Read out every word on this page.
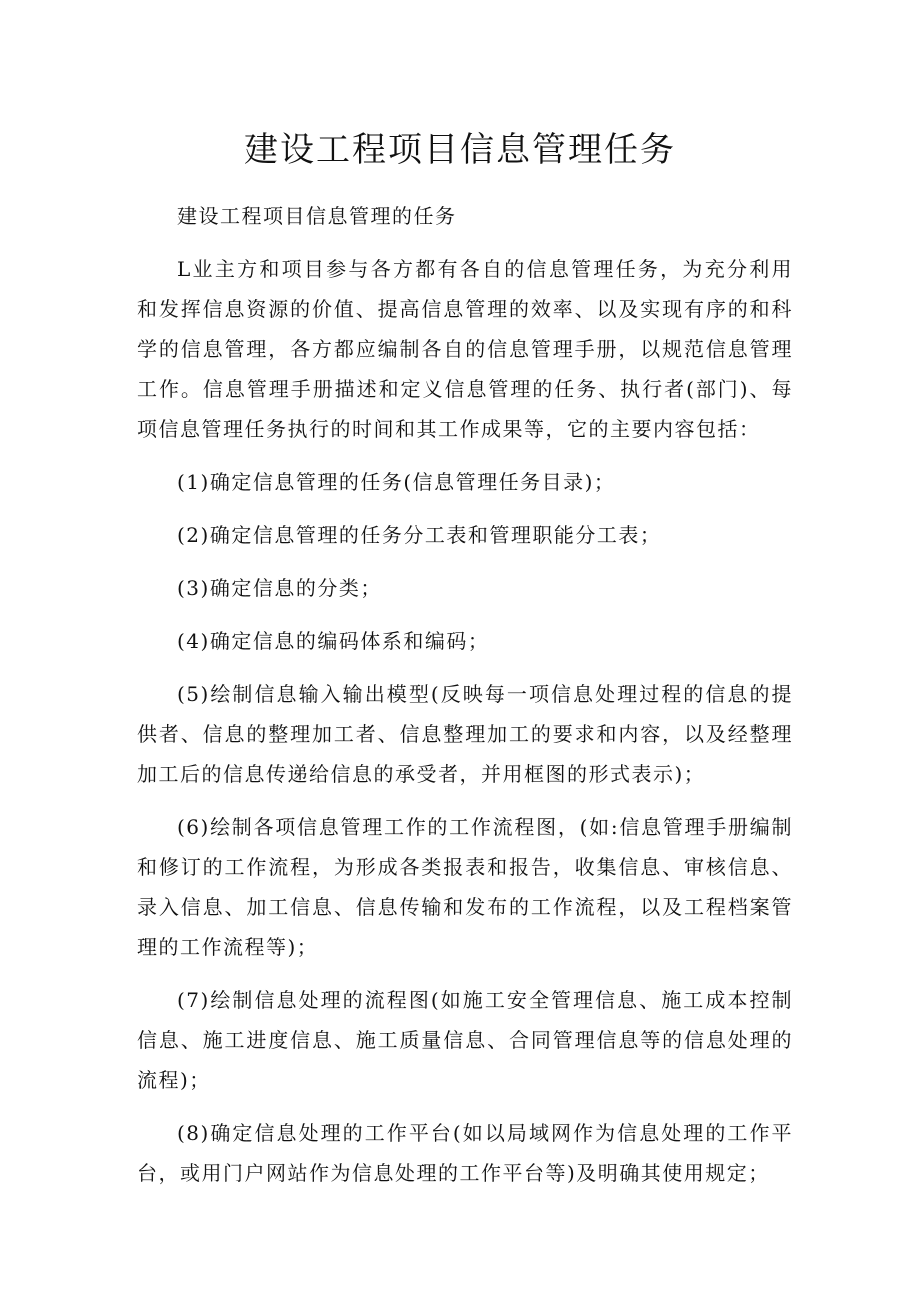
建设工程项目信息管理任务

建设工程项目信息管理的任务

L业主方和项目参与各方都有各自的信息管理任务，为充分利用和发挥信息资源的价值、提高信息管理的效率、以及实现有序的和科学的信息管理，各方都应编制各自的信息管理手册，以规范信息管理工作。信息管理手册描述和定义信息管理的任务、执行者(部门)、每项信息管理任务执行的时间和其工作成果等，它的主要内容包括：

(1)确定信息管理的任务(信息管理任务目录)；

(2)确定信息管理的任务分工表和管理职能分工表；

(3)确定信息的分类；

(4)确定信息的编码体系和编码；

(5)绘制信息输入输出模型(反映每一项信息处理过程的信息的提供者、信息的整理加工者、信息整理加工的要求和内容，以及经整理加工后的信息传递给信息的承受者，并用框图的形式表示)；

(6)绘制各项信息管理工作的工作流程图，(如:信息管理手册编制和修订的工作流程，为形成各类报表和报告，收集信息、审核信息、录入信息、加工信息、信息传输和发布的工作流程，以及工程档案管理的工作流程等)；

(7)绘制信息处理的流程图(如施工安全管理信息、施工成本控制信息、施工进度信息、施工质量信息、合同管理信息等的信息处理的流程)；

(8)确定信息处理的工作平台(如以局域网作为信息处理的工作平台，或用门户网站作为信息处理的工作平台等)及明确其使用规定；
